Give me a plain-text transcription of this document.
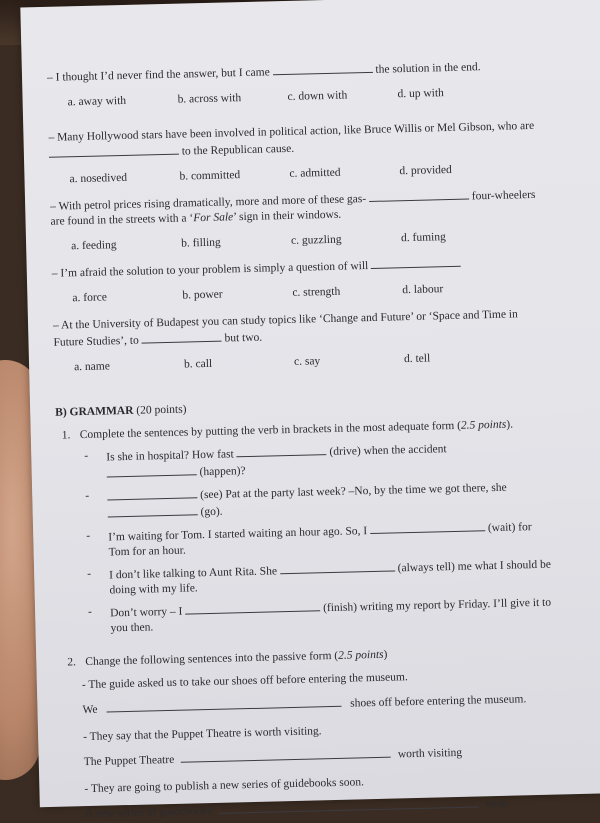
– I thought I’d never find the answer, but I came	the solution in the end.
a. away with	b. across with	c. down with	d. up with
– Many Hollywood stars have been involved in political action, like Bruce Willis or Mel Gibson, who are  to the Republican cause.
a. nosedived	b. committed	c. admitted	d. provided
– With petrol prices rising dramatically, more and more of these gas-	four-wheelers are found in the streets with a ‘For Sale’ sign in their windows.
a. feeding	b. filling	c. guzzling	d. fuming
– I’m afraid the solution to your problem is simply a question of will
a. force	b. power	c. strength	d. labour
– At the University of Budapest you can study topics like ‘Change and Future’ or ‘Space and Time in Future Studies’, to	but two.
a. name	b. call	c. say	d. tell
B) GRAMMAR (20 points)
1. Complete the sentences by putting the verb in brackets in the most adequate form (2.5 points).
-	Is she in hospital? How fast	(drive) when the accident
(happen)?
-	(see) Pat at the party last week? –No, by the time we got there, she
(go).
-	I’m waiting for Tom. I started waiting an hour ago. So, I	(wait) for Tom for an hour.
-	I don’t like talking to Aunt Rita. She	(always tell) me what I should be doing with my life.
-	Don’t worry – I	(finish) writing my report by Friday. I’ll give it to you then.
2. Change the following sentences into the passive form (2.5 points)
- The guide asked us to take our shoes off before entering the museum.
We  shoes off before entering the museum.
- They say that the Puppet Theatre is worth visiting.
The Puppet Theatre  worth visiting
- They are going to publish a new series of guidebooks soon.
A new series of guidebooks  soon.
